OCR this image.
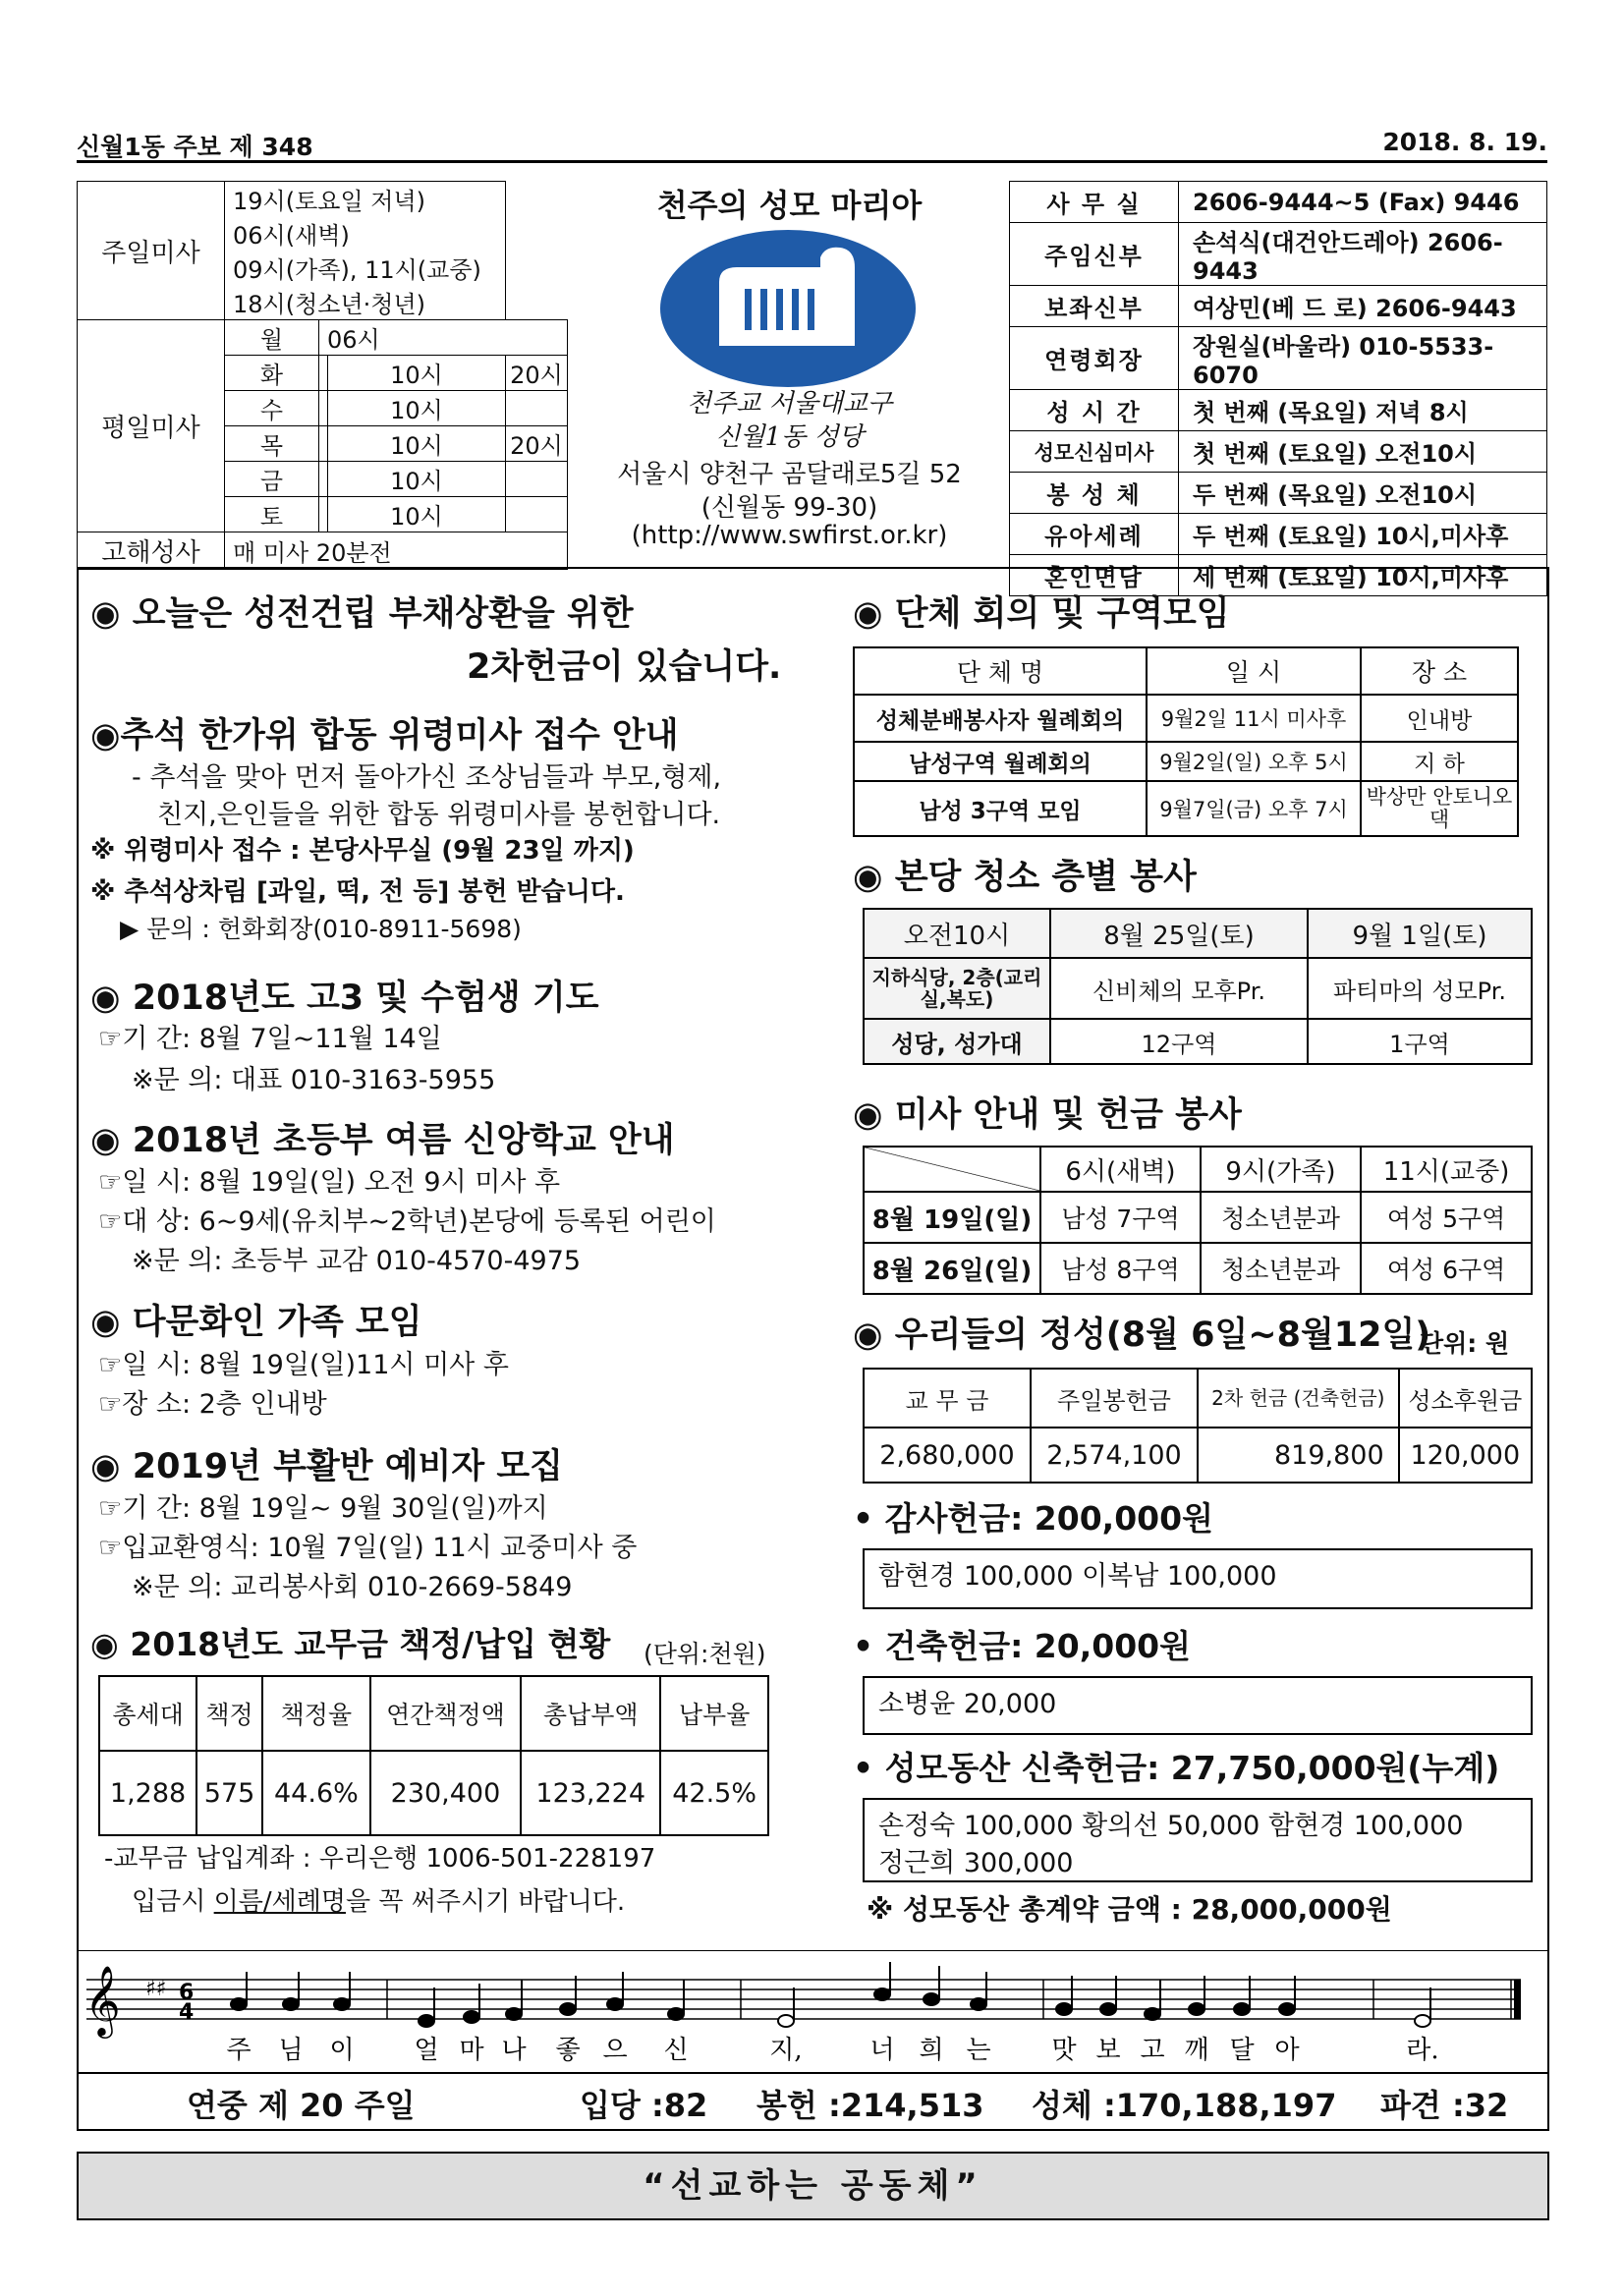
신월1동 주보 제 348	2018. 8. 19.
주일미사	19시(토요일 저녁)			
	06시(새벽)			
	09시(가족), 11시(교중)			
	18시(청소년·청년)			
평일미사				
	월	06시		
	화		10시	20시
	수		10시	
	목		10시	20시
	금		10시	
	토		10시	
고해성사	매 미사 20분전			
천주의 성모 마리아
천주교 서울대교구
신월1동 성당
서울시 양천구 곰달래로5길 52
(신월동 99-30)
(http://www.swfirst.or.kr)
사 무 실	2606-9444~5 (Fax) 9446
주임신부	손석식(대건안드레아) 2606-9443
보좌신부	여상민(베 드 로) 2606-9443
연령회장	장원실(바울라) 010-5533-6070
성 시 간	첫 번째 (목요일) 저녁 8시
성모신심미사	첫 번째 (토요일) 오전10시
봉 성 체	두 번째 (목요일) 오전10시
유아세례	두 번째 (토요일) 10시,미사후
혼인면담	세 번째 (토요일) 10시,미사후
◉ 오늘은 성전건립 부채상환을 위한
2차헌금이 있습니다.
◉추석 한가위 합동 위령미사 접수 안내
- 추석을 맞아 먼저 돌아가신 조상님들과 부모,형제,
친지,은인들을 위한 합동 위령미사를 봉헌합니다.
※ 위령미사 접수 : 본당사무실 (9월 23일 까지)
※ 추석상차림 [과일, 떡, 전 등] 봉헌 받습니다.
▶ 문의 : 헌화회장(010-8911-5698)
◉ 2018년도 고3 및 수험생 기도
☞기 간: 8월 7일~11월 14일
※문 의: 대표 010-3163-5955
◉ 2018년 초등부 여름 신앙학교 안내
☞일 시: 8월 19일(일) 오전 9시 미사 후
☞대 상: 6~9세(유치부~2학년)본당에 등록된 어린이
※문 의: 초등부 교감 010-4570-4975
◉ 다문화인 가족 모임
☞일 시: 8월 19일(일)11시 미사 후
☞장 소: 2층 인내방
◉ 2019년 부활반 예비자 모집
☞기 간: 8월 19일~ 9월 30일(일)까지
☞입교환영식: 10월 7일(일) 11시 교중미사 중
※문 의: 교리봉사회 010-2669-5849
◉ 2018년도 교무금 책정/납입 현황 (단위:천원)
총세대	책정	책정율	연간책정액	총납부액	납부율
1,288	575	44.6%	230,400	123,224	42.5%
-교무금 납입계좌 : 우리은행 1006-501-228197
입금시 이름/세례명을 꼭 써주시기 바랍니다.
◉ 단체 회의 및 구역모임
단 체 명	일 시	장 소
성체분배봉사자 월례회의	9월2일 11시 미사후	인내방
남성구역 월례회의	9월2일(일) 오후 5시	지 하
남성 3구역 모임	9월7일(금) 오후 7시	박상만 안토니오댁
◉ 본당 청소 층별 봉사
오전10시	8월 25일(토)	9월 1일(토)
지하식당, 2층(교리실,복도)	신비체의 모후Pr.	파티마의 성모Pr.
성당, 성가대	12구역	1구역
◉ 미사 안내 및 헌금 봉사
	6시(새벽)	9시(가족)	11시(교중)
8월 19일(일)	남성 7구역	청소년분과	여성 5구역
8월 26일(일)	남성 8구역	청소년분과	여성 6구역
◉ 우리들의 정성(8월 6일~8월12일)
단위: 원
교 무 금	주일봉헌금	2차 헌금 (건축헌금)	성소후원금
2,680,000	2,574,100	819,800	120,000
• 감사헌금: 200,000원
함현경 100,000 이복남 100,000
• 건축헌금: 20,000원
소병윤 20,000
• 성모동산 신축헌금: 27,750,000원(누계)
손정숙 100,000 황의선 50,000 함현경 100,000
정근희 300,000
※ 성모동산 총계약 금액 : 28,000,000원
𝄞 ♯♯ 6
4
주 님 이 얼 마 나 좋 으 신	지,	너 희 는 맛 보 고 깨 달 아	라.
연중 제 20 주일	입당 :82 봉헌 :214,513 성체 :170,188,197 파견 :32
“선교하는 공동체”
